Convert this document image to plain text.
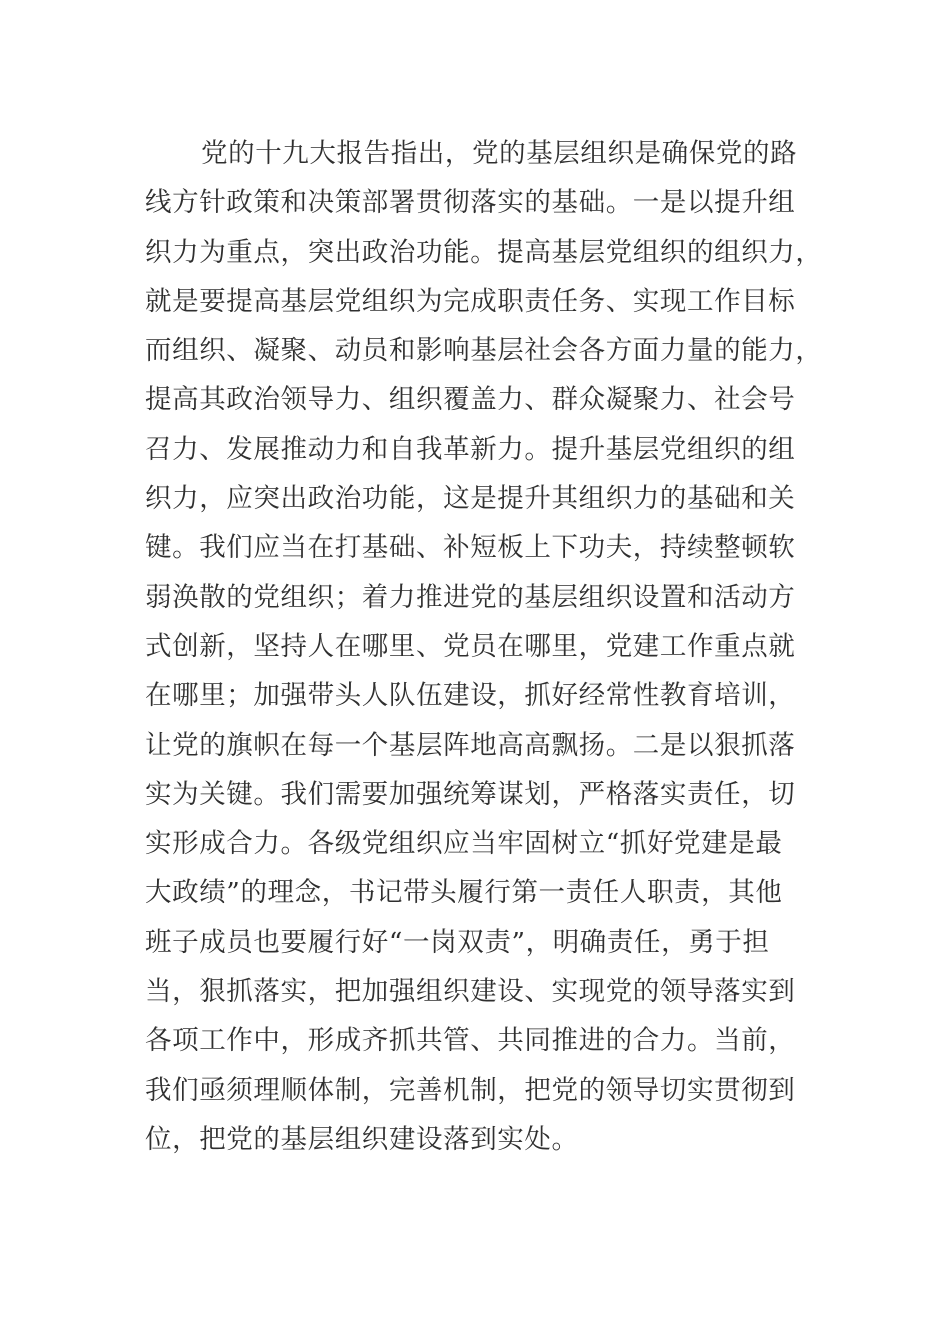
党的十九大报告指出，党的基层组织是确保党的路
线方针政策和决策部署贯彻落实的基础。一是以提升组
织力为重点，突出政治功能。提高基层党组织的组织力，
就是要提高基层党组织为完成职责任务、实现工作目标
而组织、凝聚、动员和影响基层社会各方面力量的能力，
提高其政治领导力、组织覆盖力、群众凝聚力、社会号
召力、发展推动力和自我革新力。提升基层党组织的组
织力，应突出政治功能，这是提升其组织力的基础和关
键。我们应当在打基础、补短板上下功夫，持续整顿软
弱涣散的党组织；着力推进党的基层组织设置和活动方
式创新，坚持人在哪里、党员在哪里，党建工作重点就
在哪里；加强带头人队伍建设，抓好经常性教育培训，
让党的旗帜在每一个基层阵地高高飘扬。二是以狠抓落
实为关键。我们需要加强统筹谋划，严格落实责任，切
实形成合力。各级党组织应当牢固树立“抓好党建是最
大政绩”的理念，书记带头履行第一责任人职责，其他
班子成员也要履行好“一岗双责”，明确责任，勇于担
当，狠抓落实，把加强组织建设、实现党的领导落实到
各项工作中，形成齐抓共管、共同推进的合力。当前，
我们亟须理顺体制，完善机制，把党的领导切实贯彻到
位，把党的基层组织建设落到实处。
